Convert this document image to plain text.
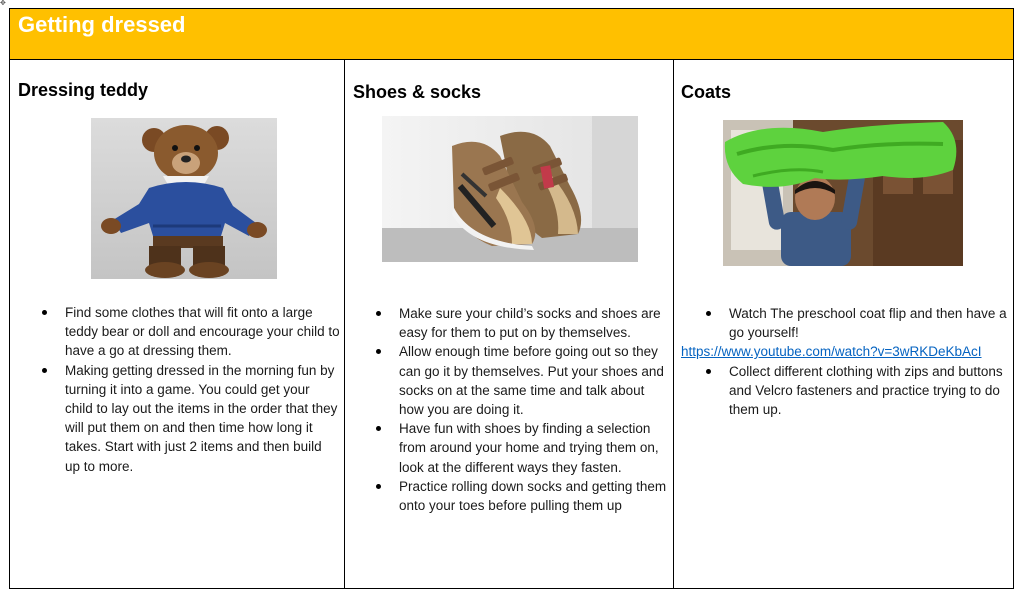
✥
Getting dressed
Dressing teddy
Find some clothes that will fit onto a large teddy bear or doll and encourage your child to have a go at dressing them.
Making getting dressed in the morning fun by turning it into a game. You could get your child to lay out the items in the order that they will put them on and then time how long it takes. Start with just 2 items and then build up to more.
Shoes & socks
Make sure your child’s socks and shoes are easy for them to put on by themselves.
Allow enough time before going out so they can go it by themselves. Put your shoes and socks on at the same time and talk about how you are doing it.
Have fun with shoes by finding a selection from around your home and trying them on, look at the different ways they fasten.
Practice rolling down socks and getting them onto your toes before pulling them up
Coats
Watch The preschool coat flip and then have a go yourself!
https://www.youtube.com/watch?v=3wRKDeKbAcI
Collect different clothing with zips and buttons and Velcro fasteners and practice trying to do them up.
